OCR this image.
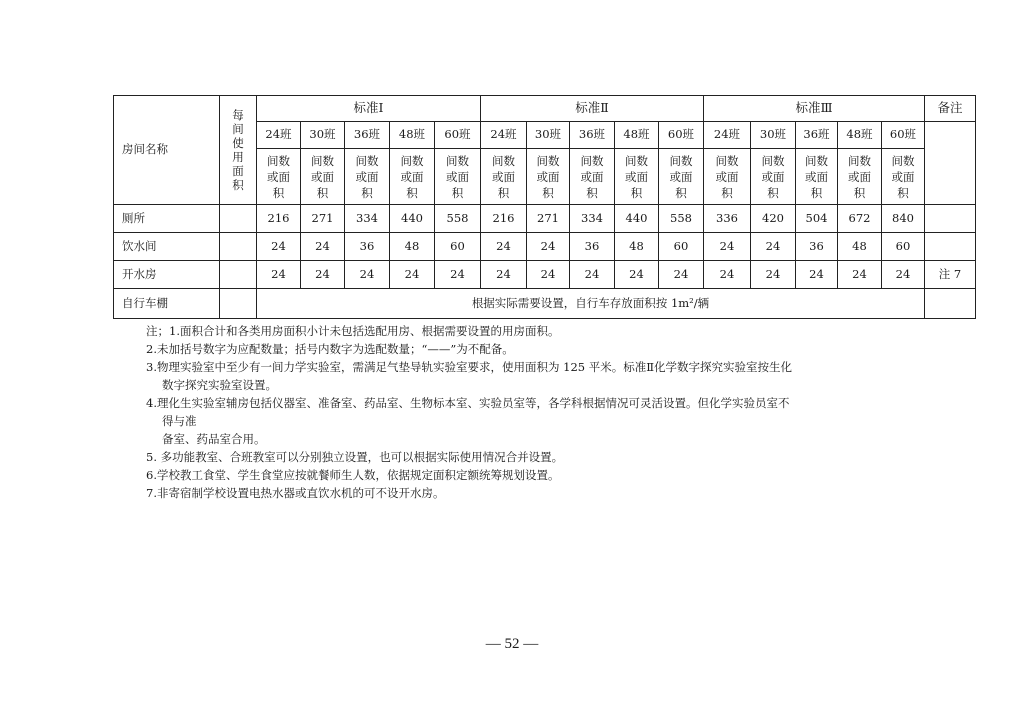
房间名称	每间使用面积	标准Ⅰ					标准Ⅱ					标准Ⅲ					备注
		24班	30班	36班	48班	60班	24班	30班	36班	48班	60班	24班	30班	36班	48班	60班	
		间数或面积	间数或面积	间数或面积	间数或面积	间数或面积	间数或面积	间数或面积	间数或面积	间数或面积	间数或面积	间数或面积	间数或面积	间数或面积	间数或面积	间数或面积	
厕所		216	271	334	440	558	216	271	334	440	558	336	420	504	672	840	
饮水间		24	24	36	48	60	24	24	36	48	60	24	24	36	48	60	
开水房		24	24	24	24	24	24	24	24	24	24	24	24	24	24	24	注 7
自行车棚		根据实际需要设置，自行车存放面积按 1m²/辆															
注；1.面积合计和各类用房面积小计未包括选配用房、根据需要设置的用房面积。
2.未加括号数字为应配数量；括号内数字为选配数量；“——”为不配备。
3.物理实验室中至少有一间力学实验室，需满足气垫导轨实验室要求，使用面积为 125 平米。标准Ⅱ化学数字探究实验室按生化
数字探究实验室设置。
4.理化生实验室辅房包括仪器室、准备室、药品室、生物标本室、实验员室等，各学科根据情况可灵活设置。但化学实验员室不
得与准
备室、药品室合用。
5. 多功能教室、合班教室可以分别独立设置，也可以根据实际使用情况合并设置。
6.学校教工食堂、学生食堂应按就餐师生人数，依据规定面积定额统筹规划设置。
7.非寄宿制学校设置电热水器或直饮水机的可不设开水房。
— 52 —
